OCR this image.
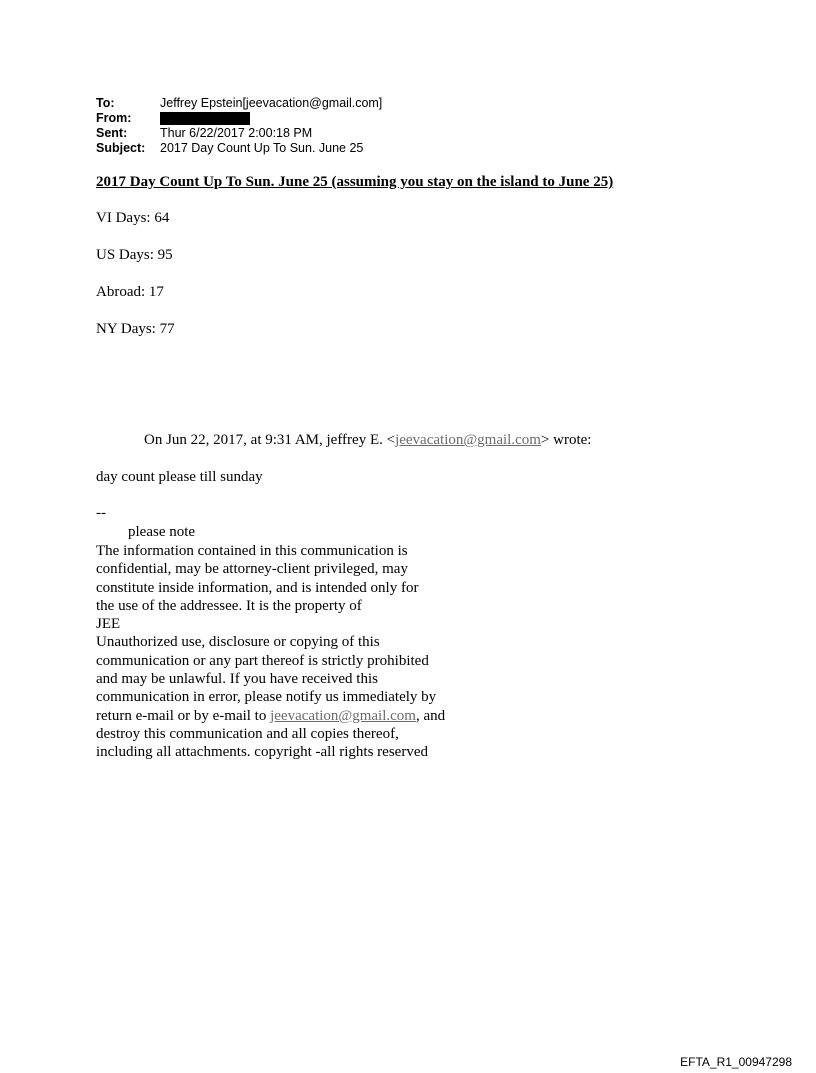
To:	Jeffrey Epstein[jeevacation@gmail.com]
From:
Sent:	Thur 6/22/2017 2:00:18 PM
Subject:	2017 Day Count Up To Sun. June 25
2017 Day Count Up To Sun. June 25 (assuming you stay on the island to June 25)
VI Days: 64
US Days: 95
Abroad: 17
NY Days: 77
On Jun 22, 2017, at 9:31 AM, jeffrey E. <jeevacation@gmail.com> wrote:
day count please till sunday
--
please note
The information contained in this communication is
confidential, may be attorney-client privileged, may
constitute inside information, and is intended only for
the use of the addressee. It is the property of
JEE
Unauthorized use, disclosure or copying of this
communication or any part thereof is strictly prohibited
and may be unlawful. If you have received this
communication in error, please notify us immediately by
return e-mail or by e-mail to jeevacation@gmail.com, and
destroy this communication and all copies thereof,
including all attachments. copyright -all rights reserved
EFTA_R1_00947298
